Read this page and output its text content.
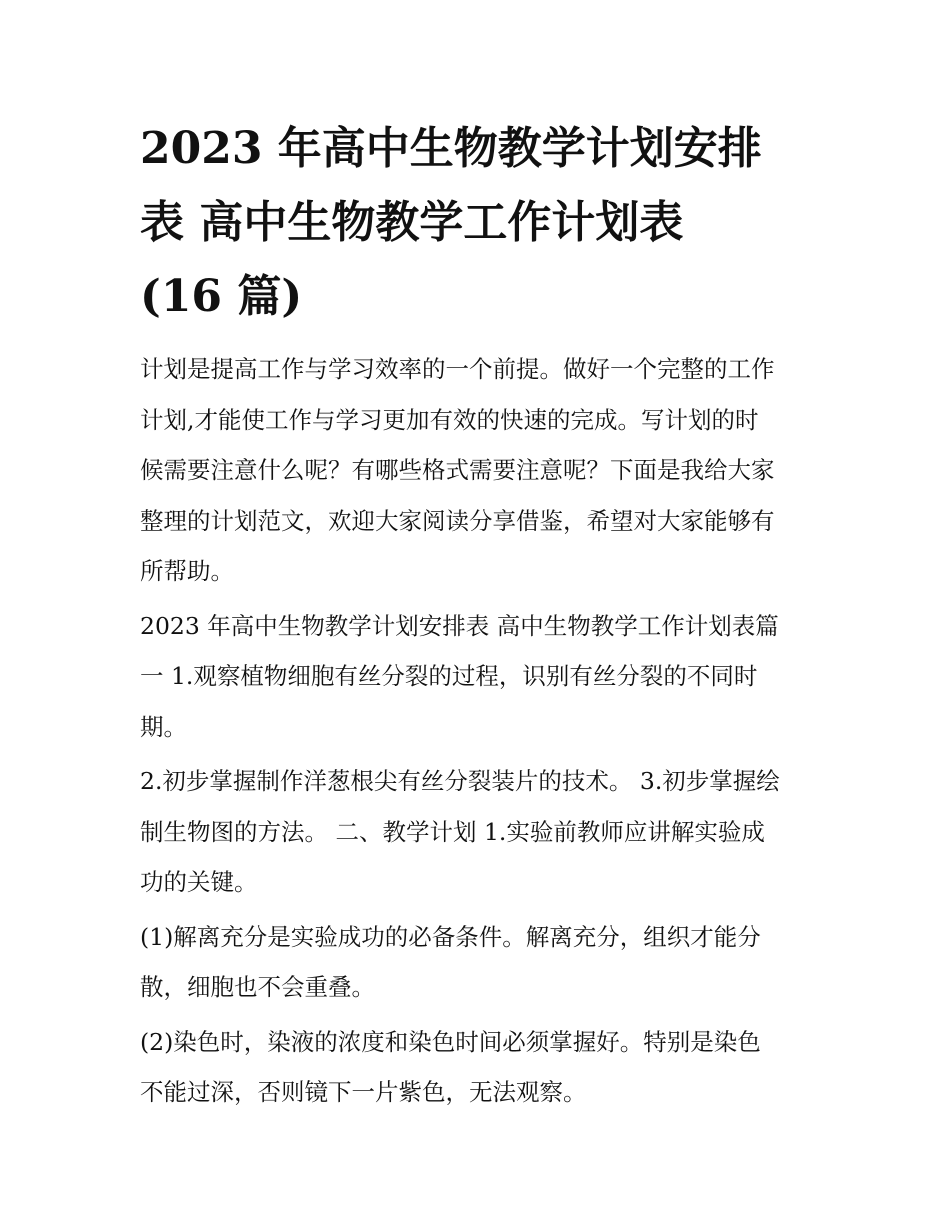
2023 年高中生物教学计划安排
表 高中生物教学工作计划表
(16 篇)

计划是提高工作与学习效率的一个前提。做好一个完整的工作
计划,才能使工作与学习更加有效的快速的完成。写计划的时
候需要注意什么呢？有哪些格式需要注意呢？下面是我给大家
整理的计划范文，欢迎大家阅读分享借鉴，希望对大家能够有
所帮助。

2023 年高中生物教学计划安排表 高中生物教学工作计划表篇
一 1.观察植物细胞有丝分裂的过程，识别有丝分裂的不同时
期。

2.初步掌握制作洋葱根尖有丝分裂装片的技术。 3.初步掌握绘
制生物图的方法。 二、教学计划 1.实验前教师应讲解实验成
功的关键。

(1)解离充分是实验成功的必备条件。解离充分，组织才能分
散，细胞也不会重叠。

(2)染色时，染液的浓度和染色时间必须掌握好。特别是染色
不能过深，否则镜下一片紫色，无法观察。
